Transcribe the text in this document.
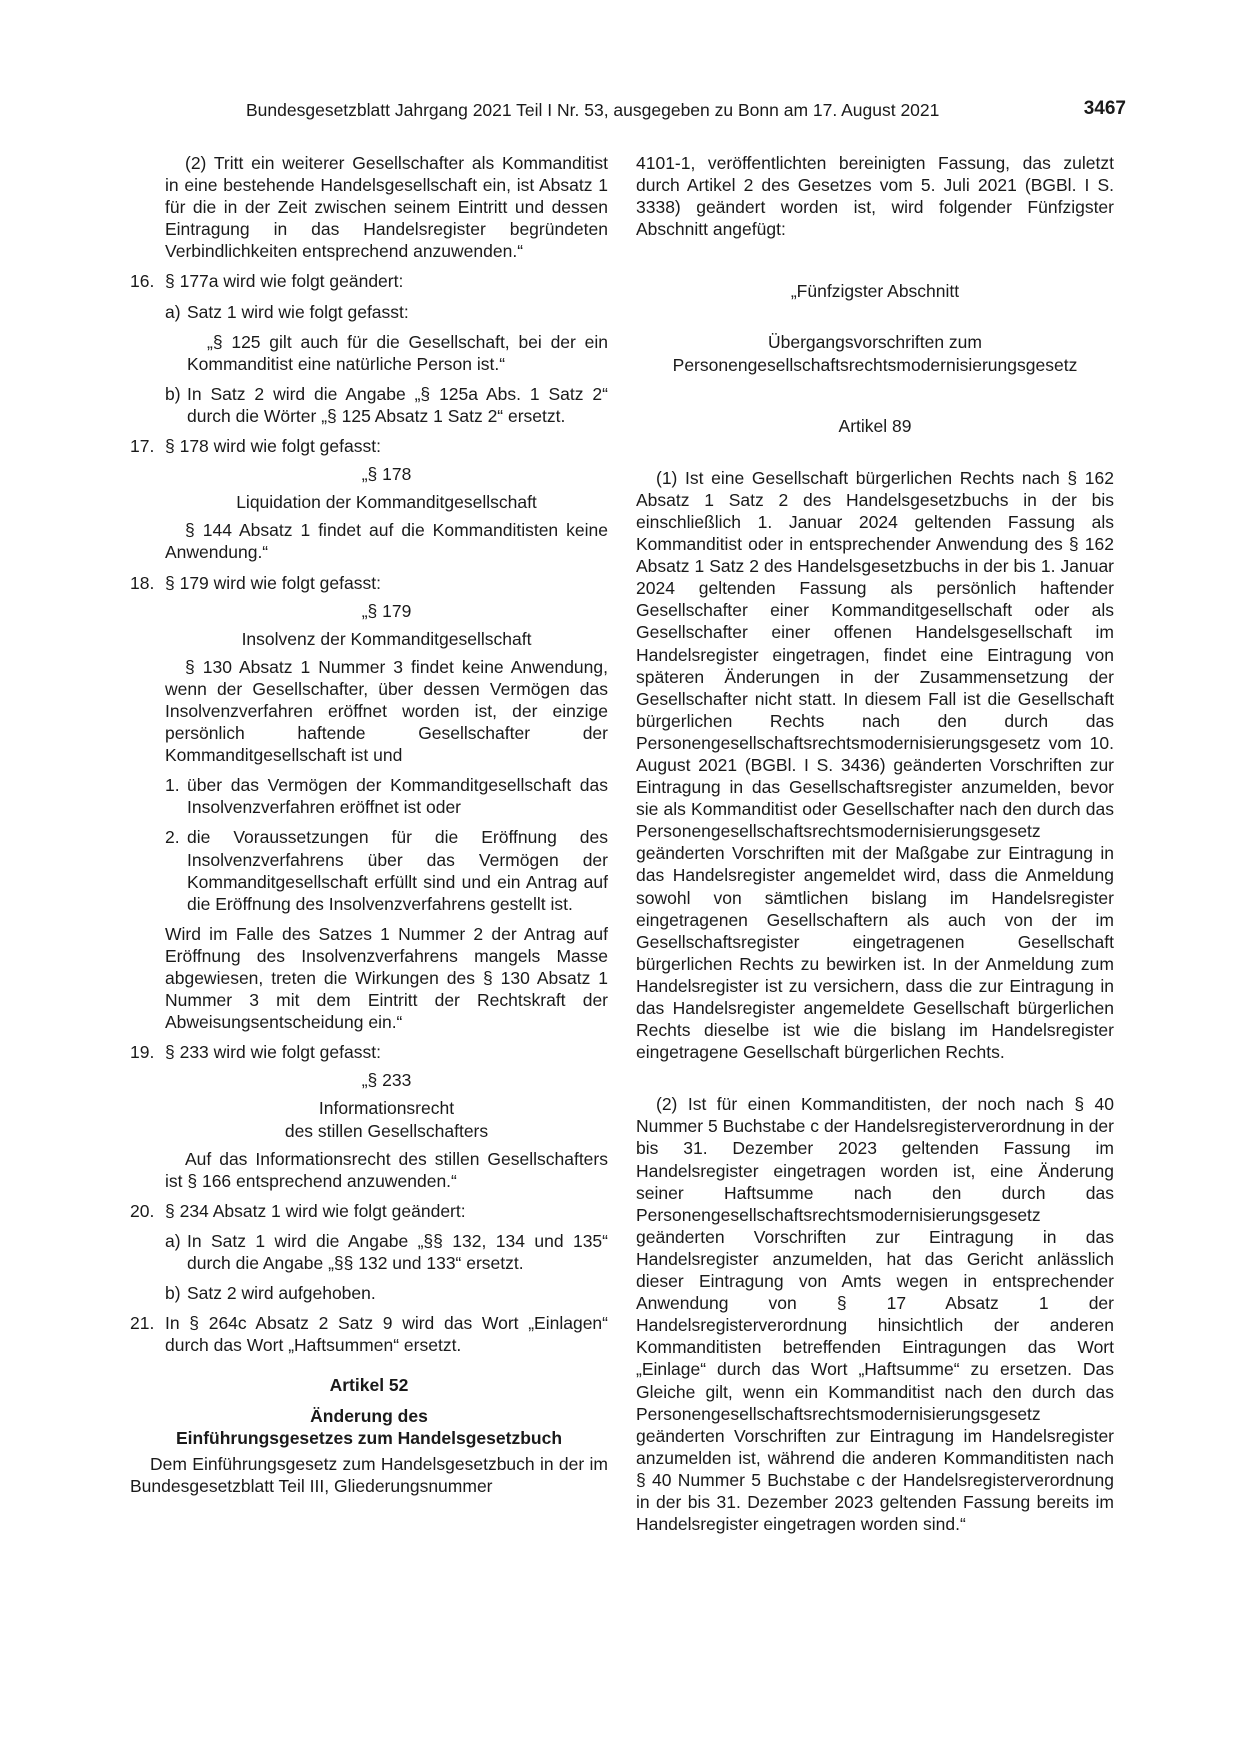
Bundesgesetzblatt Jahrgang 2021 Teil I Nr. 53, ausgegeben zu Bonn am 17. August 2021	3467

(2) Tritt ein weiterer Gesellschafter als Kommanditist in eine bestehende Handelsgesellschaft ein, ist Absatz 1 für die in der Zeit zwischen seinem Eintritt und dessen Eintragung in das Handelsregister begründeten Verbindlichkeiten entsprechend anzuwenden.“

16. § 177a wird wie folgt geändert:

a) Satz 1 wird wie folgt gefasst:

„§ 125 gilt auch für die Gesellschaft, bei der ein Kommanditist eine natürliche Person ist.“

b) In Satz 2 wird die Angabe „§ 125a Abs. 1 Satz 2“ durch die Wörter „§ 125 Absatz 1 Satz 2“ ersetzt.

17. § 178 wird wie folgt gefasst:

„§ 178

Liquidation der Kommanditgesellschaft

§ 144 Absatz 1 findet auf die Kommanditisten keine Anwendung.“

18. § 179 wird wie folgt gefasst:

„§ 179

Insolvenz der Kommanditgesellschaft

§ 130 Absatz 1 Nummer 3 findet keine Anwendung, wenn der Gesellschafter, über dessen Vermögen das Insolvenzverfahren eröffnet worden ist, der einzige persönlich haftende Gesellschafter der Kommanditgesellschaft ist und

1. über das Vermögen der Kommanditgesellschaft das Insolvenzverfahren eröffnet ist oder

2. die Voraussetzungen für die Eröffnung des Insolvenzverfahrens über das Vermögen der Kommanditgesellschaft erfüllt sind und ein Antrag auf die Eröffnung des Insolvenzverfahrens gestellt ist.

Wird im Falle des Satzes 1 Nummer 2 der Antrag auf Eröffnung des Insolvenzverfahrens mangels Masse abgewiesen, treten die Wirkungen des § 130 Absatz 1 Nummer 3 mit dem Eintritt der Rechtskraft der Abweisungsentscheidung ein.“

19. § 233 wird wie folgt gefasst:

„§ 233

Informationsrecht

des stillen Gesellschafters

Auf das Informationsrecht des stillen Gesellschafters ist § 166 entsprechend anzuwenden.“

20. § 234 Absatz 1 wird wie folgt geändert:

a) In Satz 1 wird die Angabe „§§ 132, 134 und 135“ durch die Angabe „§§ 132 und 133“ ersetzt.

b) Satz 2 wird aufgehoben.

21. In § 264c Absatz 2 Satz 9 wird das Wort „Einlagen“ durch das Wort „Haftsummen“ ersetzt.

Artikel 52

Änderung des

Einführungsgesetzes zum Handelsgesetzbuch

Dem Einführungsgesetz zum Handelsgesetzbuch in der im Bundesgesetzblatt Teil III, Gliederungsnummer

4101-1, veröffentlichten bereinigten Fassung, das zuletzt durch Artikel 2 des Gesetzes vom 5. Juli 2021 (BGBl. I S. 3338) geändert worden ist, wird folgender Fünfzigster Abschnitt angefügt:

„Fünfzigster Abschnitt

Übergangsvorschriften zum

Personengesellschaftsrechtsmodernisierungsgesetz

Artikel 89

(1) Ist eine Gesellschaft bürgerlichen Rechts nach § 162 Absatz 1 Satz 2 des Handelsgesetzbuchs in der bis einschließlich 1. Januar 2024 geltenden Fassung als Kommanditist oder in entsprechender Anwendung des § 162 Absatz 1 Satz 2 des Handelsgesetzbuchs in der bis 1. Januar 2024 geltenden Fassung als persönlich haftender Gesellschafter einer Kommanditgesellschaft oder als Gesellschafter einer offenen Handelsgesellschaft im Handelsregister eingetragen, findet eine Eintragung von späteren Änderungen in der Zusammensetzung der Gesellschafter nicht statt. In diesem Fall ist die Gesellschaft bürgerlichen Rechts nach den durch das Personengesellschaftsrechtsmodernisierungsgesetz vom 10. August 2021 (BGBl. I S. 3436) geänderten Vorschriften zur Eintragung in das Gesellschaftsregister anzumelden, bevor sie als Kommanditist oder Gesellschafter nach den durch das Personengesellschaftsrechtsmodernisierungsgesetz geänderten Vorschriften mit der Maßgabe zur Eintragung in das Handelsregister angemeldet wird, dass die Anmeldung sowohl von sämtlichen bislang im Handelsregister eingetragenen Gesellschaftern als auch von der im Gesellschaftsregister eingetragenen Gesellschaft bürgerlichen Rechts zu bewirken ist. In der Anmeldung zum Handelsregister ist zu versichern, dass die zur Eintragung in das Handelsregister angemeldete Gesellschaft bürgerlichen Rechts dieselbe ist wie die bislang im Handelsregister eingetragene Gesellschaft bürgerlichen Rechts.

(2) Ist für einen Kommanditisten, der noch nach § 40 Nummer 5 Buchstabe c der Handelsregisterverordnung in der bis 31. Dezember 2023 geltenden Fassung im Handelsregister eingetragen worden ist, eine Änderung seiner Haftsumme nach den durch das Personengesellschaftsrechtsmodernisierungsgesetz geänderten Vorschriften zur Eintragung in das Handelsregister anzumelden, hat das Gericht anlässlich dieser Eintragung von Amts wegen in entsprechender Anwendung von § 17 Absatz 1 der Handelsregisterverordnung hinsichtlich der anderen Kommanditisten betreffenden Eintragungen das Wort „Einlage“ durch das Wort „Haftsumme“ zu ersetzen. Das Gleiche gilt, wenn ein Kommanditist nach den durch das Personengesellschaftsrechtsmodernisierungsgesetz geänderten Vorschriften zur Eintragung im Handelsregister anzumelden ist, während die anderen Kommanditisten nach § 40 Nummer 5 Buchstabe c der Handelsregisterverordnung in der bis 31. Dezember 2023 geltenden Fassung bereits im Handelsregister eingetragen worden sind.“
